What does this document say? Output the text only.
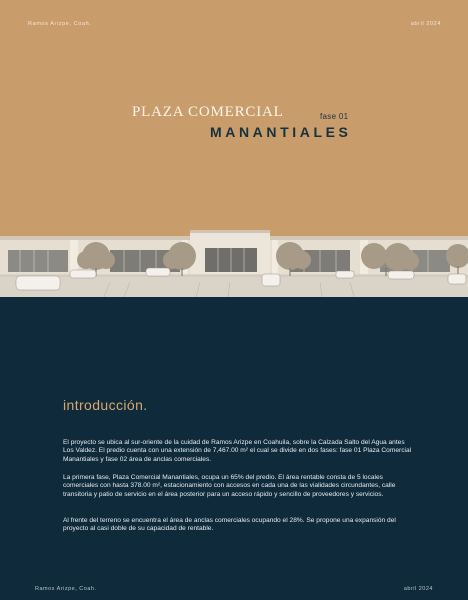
Ramos Arizpe, Coah.	abril 2024
PLAZA COMERCIAL	fase 01
MANANTIALES
introducción.

El proyecto se ubica al sur-oriente de la cuidad de Ramos Arizpe en Coahuila, sobre la Calzada Salto del Agua antes Los Valdez. El predio cuenta con una extensión de 7,467.00 m² el cual se divide en dos fases: fase 01 Plaza Comercial Manantiales y fase 02 área de anclas comerciales.

La primera fase, Plaza Comercial Manantiales, ocupa un 65% del predio. El área rentable consta de 5 locales comerciales con hasta 378.00 m², estacionamiento con accesos en cada una de las vialidades circundantes, calle transitoria y patio de servicio en el área posterior para un acceso rápido y sencillo de proveedores y servicios.

Al frente del terreno se encuentra el área de anclas comerciales ocupando el 28%. Se propone una expansión del proyecto al casi doble de su capacidad de rentable.

Ramos Arizpe, Coah.	abril 2024
